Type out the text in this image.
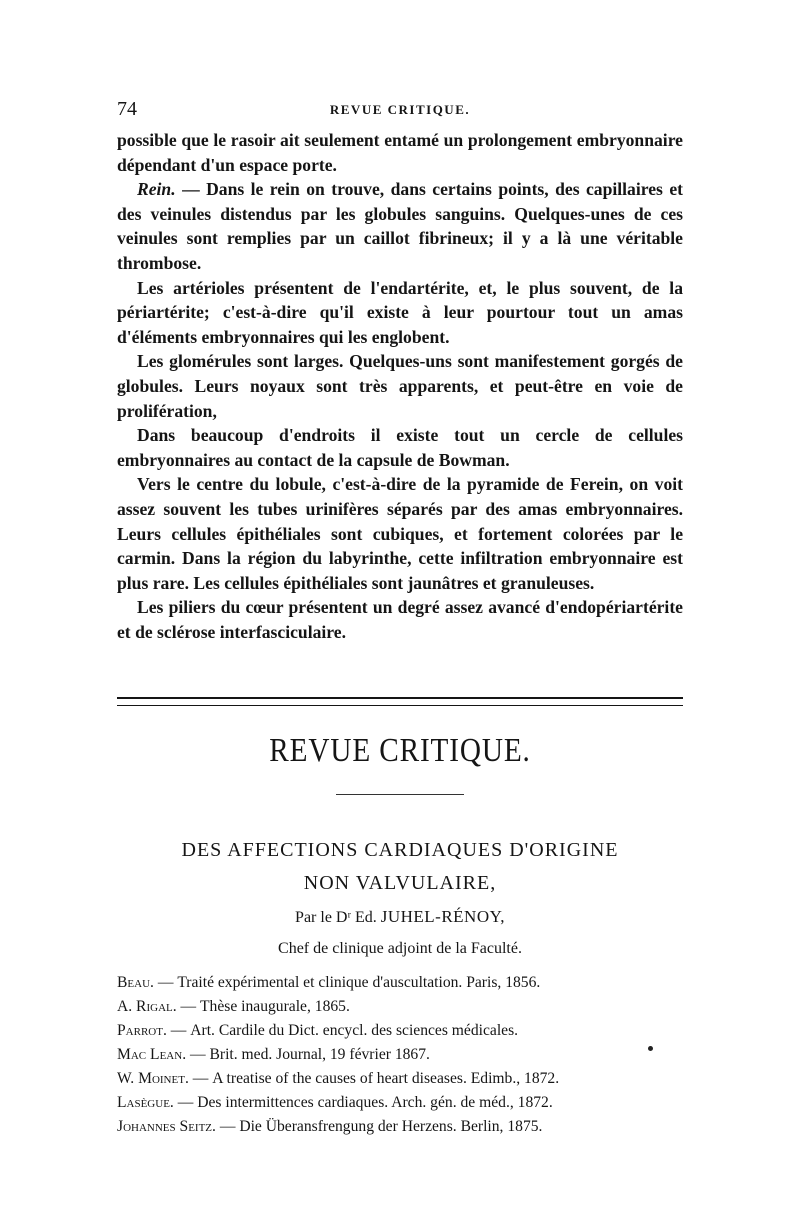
74	REVUE CRITIQUE.

possible que le rasoir ait seulement entamé un prolongement embryonnaire dépendant d'un espace porte.

Rein. — Dans le rein on trouve, dans certains points, des capillaires et des veinules distendus par les globules sanguins. Quelques-unes de ces veinules sont remplies par un caillot fibrineux; il y a là une véritable thrombose.

Les artérioles présentent de l'endartérite, et, le plus souvent, de la périartérite; c'est-à-dire qu'il existe à leur pourtour tout un amas d'éléments embryonnaires qui les englobent.

Les glomérules sont larges. Quelques-uns sont manifestement gorgés de globules. Leurs noyaux sont très apparents, et peut-être en voie de prolifération,

Dans beaucoup d'endroits il existe tout un cercle de cellules embryonnaires au contact de la capsule de Bowman.

Vers le centre du lobule, c'est-à-dire de la pyramide de Ferein, on voit assez souvent les tubes urinifères séparés par des amas embryonnaires. Leurs cellules épithéliales sont cubiques, et fortement colorées par le carmin. Dans la région du labyrinthe, cette infiltration embryonnaire est plus rare. Les cellules épithéliales sont jaunâtres et granuleuses.

Les piliers du cœur présentent un degré assez avancé d'endopériartérite et de sclérose interfasciculaire.

REVUE CRITIQUE.
DES AFFECTIONS CARDIAQUES D'ORIGINE
NON VALVULAIRE,
Par le Dʳ Ed. JUHEL-RÉNOY,
Chef de clinique adjoint de la Faculté.
Beau . — Traité expérimental et clinique d'auscultation. Paris, 1856.
A. Rigal . — Thèse inaugurale, 1865.
Parrot . — Art. Cardile du Dict. encycl. des sciences médicales.
Mac Lean . — Brit. med. Journal, 19 février 1867.
W. Moinet . — A treatise of the causes of heart diseases. Edimb., 1872.
Lasègue . — Des intermittences cardiaques. Arch. gén. de méd., 1872.
Johannes Seitz . — Die Überansfrengung der Herzens. Berlin, 1875.
